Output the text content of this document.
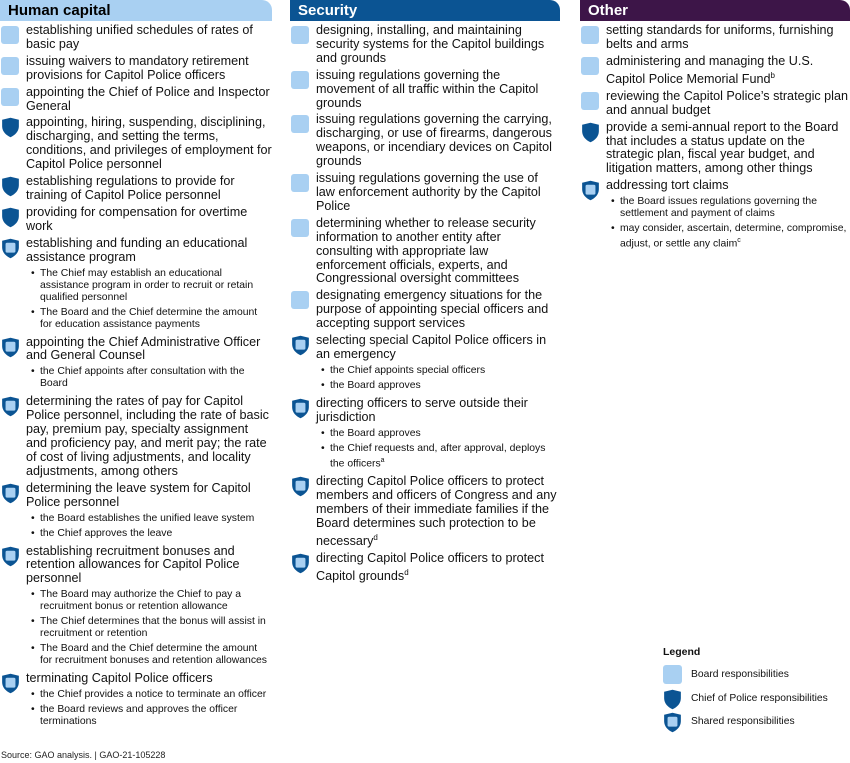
Human capital
establishing unified schedules of rates of basic pay
issuing waivers to mandatory retirement provisions for Capitol Police officers
appointing the Chief of Police and Inspector General
appointing, hiring, suspending, disciplining, discharging, and setting the terms, conditions, and privileges of employment for Capitol Police personnel
establishing regulations to provide for training of Capitol Police personnel
providing for compensation for overtime work
establishing and funding an educational assistance program
• The Chief may establish an educational assistance program in order to recruit or retain qualified personnel
• The Board and the Chief determine the amount for education assistance payments
appointing the Chief Administrative Officer and General Counsel
• the Chief appoints after consultation with the Board
determining the rates of pay for Capitol Police personnel, including the rate of basic pay, premium pay, specialty assignment and proficiency pay, and merit pay; the rate of cost of living adjustments, and locality adjustments, among others
determining the leave system for Capitol Police personnel
• the Board establishes the unified leave system
• the Chief approves the leave
establishing recruitment bonuses and retention allowances for Capitol Police personnel
• The Board may authorize the Chief to pay a recruitment bonus or retention allowance
• The Chief determines that the bonus will assist in recruitment or retention
• The Board and the Chief determine the amount for recruitment bonuses and retention allowances
terminating Capitol Police officers
• the Chief provides a notice to terminate an officer
• the Board reviews and approves the officer terminations
Security
designing, installing, and maintaining security systems for the Capitol buildings and grounds
issuing regulations governing the movement of all traffic within the Capitol grounds
issuing regulations governing the carrying, discharging, or use of firearms, dangerous weapons, or incendiary devices on Capitol grounds
issuing regulations governing the use of law enforcement authority by the Capitol Police
determining whether to release security information to another entity after consulting with appropriate law enforcement officials, experts, and Congressional oversight committees
designating emergency situations for the purpose of appointing special officers and accepting support services
selecting special Capitol Police officers in an emergency
• the Chief appoints special officers
• the Board approves
directing officers to serve outside their jurisdiction
• the Board approves
• the Chief requests and, after approval, deploys the officers$^a$
directing Capitol Police officers to protect members and officers of Congress and any members of their immediate families if the Board determines such protection to be necessary$^d$
directing Capitol Police officers to protect Capitol grounds$^d$
Other
setting standards for uniforms, furnishing belts and arms
administering and managing the U.S. Capitol Police Memorial Fund$^b$
reviewing the Capitol Police’s strategic plan and annual budget
provide a semi-annual report to the Board that includes a status update on the strategic plan, fiscal year budget, and litigation matters, among other things
addressing tort claims
• the Board issues regulations governing the settlement and payment of claims
• may consider, ascertain, determine, compromise, adjust, or settle any claim$^c$
Legend
Board responsibilities
Chief of Police responsibilities
Shared responsibilities
Source: GAO analysis. | GAO-21-105228
